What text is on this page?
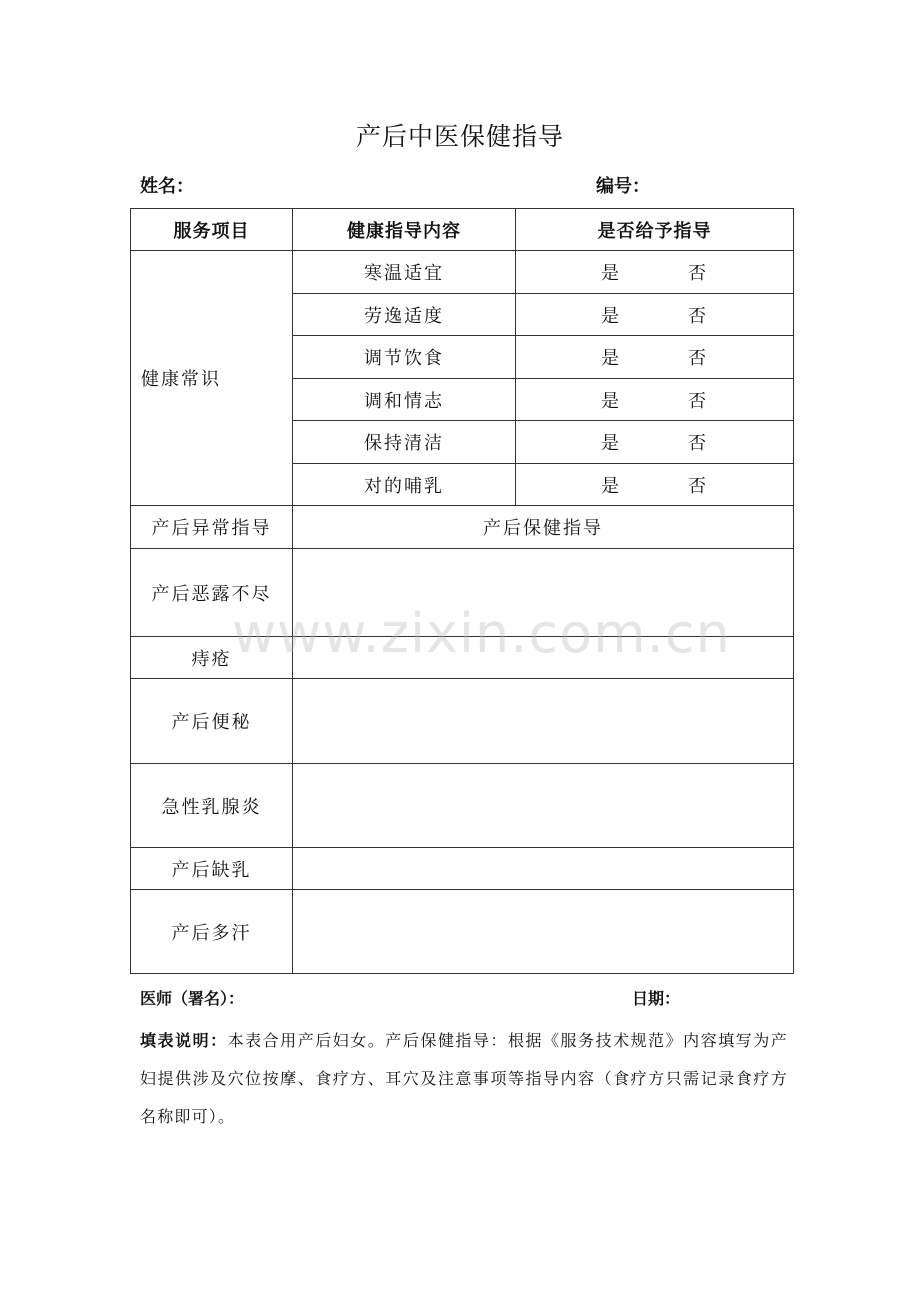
产后中医保健指导
姓名：	编号：
服务项目	健康指导内容	是否给予指导
健康常识	寒温适宜	是 否

	劳逸适度	是 否

	调节饮食	是 否

	调和情志	是 否

	保持清洁	是 否

	对的哺乳	是 否

产后异常指导	产后保健指导	
产后恶露不尽		
痔疮		
产后便秘		
急性乳腺炎		
产后缺乳		
产后多汗		
www.zixin.com.cn
医师（署名）：	日期：
填表说明：本表合用产后妇女。产后保健指导：根据《服务技术规范》内容填写为产妇提供涉及穴位按摩、食疗方、耳穴及注意事项等指导内容（食疗方只需记录食疗方名称即可）。
